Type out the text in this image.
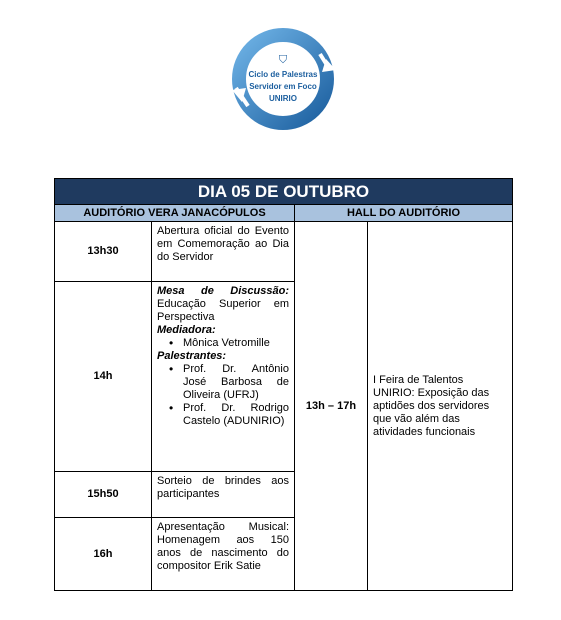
⛉
Ciclo de Palestras
Servidor em Foco
UNIRIO
DIA 05 DE OUTUBRO
AUDITÓRIO VERA JANACÓPULOS	HALL DO AUDITÓRIO
13h30
Abertura oficial do Evento em Comemoração ao Dia do Servidor
14h
Mesa de Discussão: Educação Superior em Perspectiva
Mediadora:
• Mônica Vetromille
Palestrantes:
• Prof. Dr. Antônio José Barbosa de Oliveira (UFRJ)
• Prof. Dr. Rodrigo Castelo (ADUNIRIO)
15h50
Sorteio de brindes aos participantes
16h
Apresentação Musical: Homenagem aos 150 anos de nascimento do compositor Erik Satie
13h – 17h
I Feira de Talentos UNIRIO: Exposição das aptidões dos servidores que vão além das atividades funcionais
